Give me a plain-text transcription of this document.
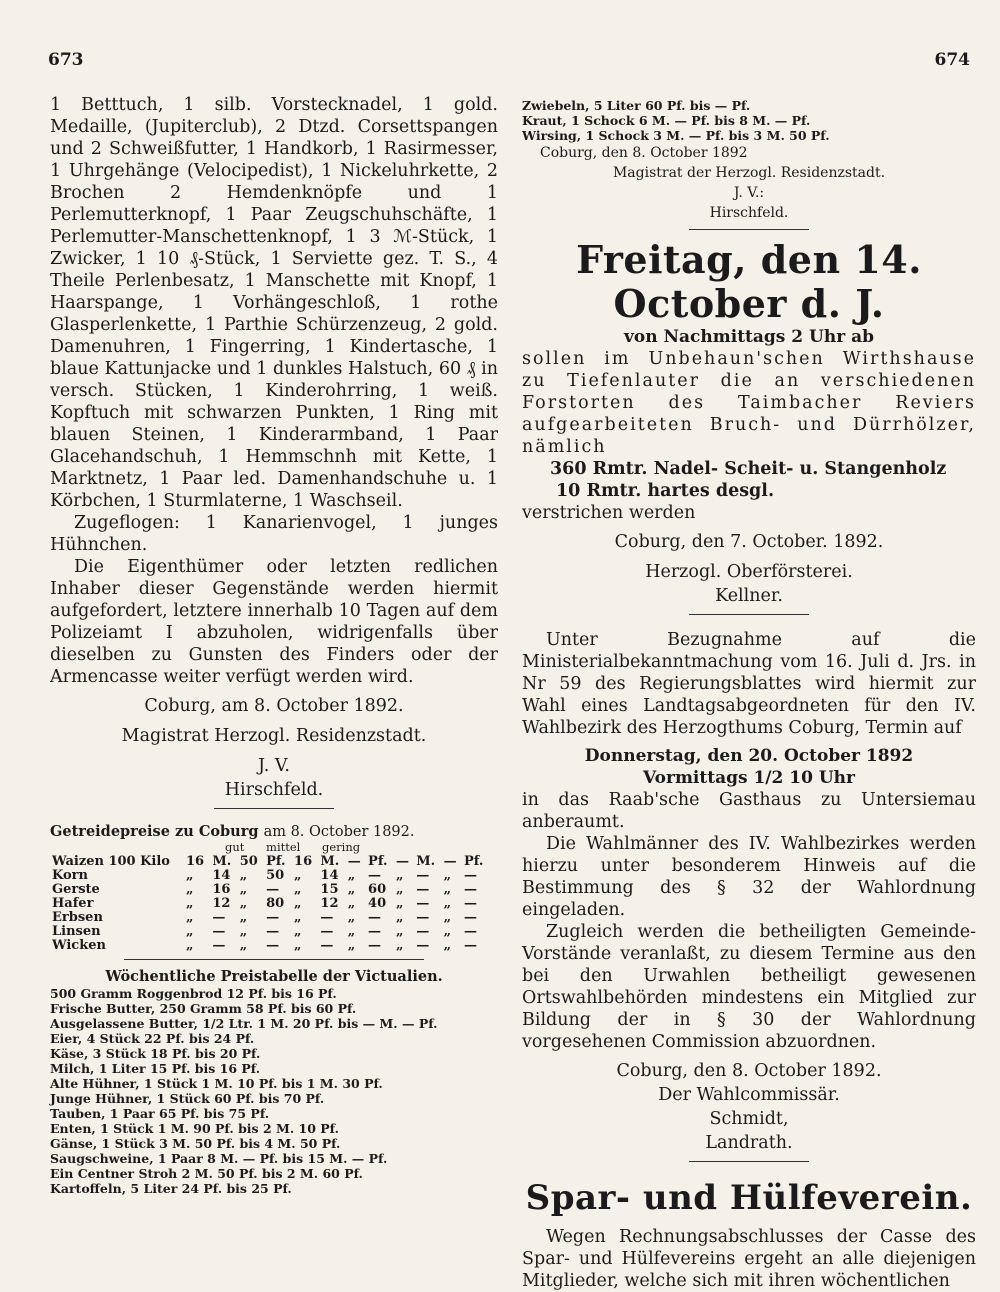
673	674

1 Betttuch, 1 silb. Vorstecknadel, 1 gold. Medaille, (Jupiterclub), 2 Dtzd. Corsettspangen und 2 Schweißfutter, 1 Handkorb, 1 Rasirmesser, 1 Uhrgehänge (Velocipedist), 1 Nickeluhrkette, 2 Brochen 2 Hemdenknöpfe und 1 Perlemutterknopf, 1 Paar Zeugschuhschäfte, 1 Perlemutter-Manschettenknopf, 1 3 ℳ-Stück, 1 Zwicker, 1 10 ₰-Stück, 1 Serviette gez. T. S., 4 Theile Perlenbesatz, 1 Manschette mit Knopf, 1 Haarspange, 1 Vorhängeschloß, 1 rothe Glasperlenkette, 1 Parthie Schürzenzeug, 2 gold. Damenuhren, 1 Fingerring, 1 Kindertasche, 1 blaue Kattunjacke und 1 dunkles Halstuch, 60 ₰ in versch. Stücken, 1 Kinderohrring, 1 weiß. Kopftuch mit schwarzen Punkten, 1 Ring mit blauen Steinen, 1 Kinderarmband, 1 Paar Glacehandschuh, 1 Hemmschnh mit Kette, 1 Marktnetz, 1 Paar led. Damenhandschuhe u. 1 Körbchen, 1 Sturmlaterne, 1 Waschseil.

Zugeflogen: 1 Kanarienvogel, 1 junges Hühnchen.

Die Eigenthümer oder letzten redlichen Inhaber dieser Gegenstände werden hiermit aufgefordert, letztere innerhalb 10 Tagen auf dem Polizeiamt I abzuholen, widrigenfalls über dieselben zu Gunsten des Finders oder der Armencasse weiter verfügt werden wird.

Coburg, am 8. October 1892.

Magistrat Herzogl. Residenzstadt.

J. V.

Hirschfeld.

Getreidepreise zu Coburg am 8. October 1892.

gut mittel gering

Waizen 100 Kilo	16	M.	50	Pf.	16	M.	—	Pf.	—	M.	—	Pf.
Korn	„	14	„	50	„	14	„	—	„	—	„	—
Gerste	„	16	„	—	„	15	„	60	„	—	„	—
Hafer	„	12	„	80	„	12	„	40	„	—	„	—
Erbsen	„	—	„	—	„	—	„	—	„	—	„	—
Linsen	„	—	„	—	„	—	„	—	„	—	„	—
Wicken	„	—	„	—	„	—	„	—	„	—	„	—

Wöchentliche Preistabelle der Victualien.

500 Gramm Roggenbrod 12 Pf. bis 16 Pf.

Frische Butter, 250 Gramm 58 Pf. bis 60 Pf.

Ausgelassene Butter, 1/2 Ltr. 1 M. 20 Pf. bis — M. — Pf.

Eier, 4 Stück 22 Pf. bis 24 Pf.

Käse, 3 Stück 18 Pf. bis 20 Pf.

Milch, 1 Liter 15 Pf. bis 16 Pf.

Alte Hühner, 1 Stück 1 M. 10 Pf. bis 1 M. 30 Pf.

Junge Hühner, 1 Stück 60 Pf. bis 70 Pf.

Tauben, 1 Paar 65 Pf. bis 75 Pf.

Enten, 1 Stück 1 M. 90 Pf. bis 2 M. 10 Pf.

Gänse, 1 Stück 3 M. 50 Pf. bis 4 M. 50 Pf.

Saugschweine, 1 Paar 8 M. — Pf. bis 15 M. — Pf.

Ein Centner Stroh 2 M. 50 Pf. bis 2 M. 60 Pf.

Kartoffeln, 5 Liter 24 Pf. bis 25 Pf.

Zwiebeln, 5 Liter 60 Pf. bis — Pf.

Kraut, 1 Schock 6 M. — Pf. bis 8 M. — Pf.

Wirsing, 1 Schock 3 M. — Pf. bis 3 M. 50 Pf.

Coburg, den 8. October 1892

Magistrat der Herzogl. Residenzstadt.

J. V.:

Hirschfeld.

Freitag, den 14. October d. J.

von Nachmittags 2 Uhr ab

sollen im Unbehaun'schen Wirthshause zu Tiefenlauter die an verschiedenen Forstorten des Taimbacher Reviers aufgearbeiteten Bruch- und Dürrhölzer, nämlich

360 Rmtr. Nadel- Scheit- u. Stangenholz

10 Rmtr. hartes desgl.

verstrichen werden

Coburg, den 7. October. 1892.

Herzogl. Oberförsterei.

Kellner.

Unter Bezugnahme auf die Ministerialbekanntmachung vom 16. Juli d. Jrs. in Nr 59 des Regierungsblattes wird hiermit zur Wahl eines Landtagsabgeordneten für den IV. Wahlbezirk des Herzogthums Coburg, Termin auf

Donnerstag, den 20. October 1892

Vormittags 1/2 10 Uhr

in das Raab'sche Gasthaus zu Untersiemau anberaumt.

Die Wahlmänner des IV. Wahlbezirkes werden hierzu unter besonderem Hinweis auf die Bestimmung des § 32 der Wahlordnung eingeladen.

Zugleich werden die betheiligten Gemeinde-Vorstände veranlaßt, zu diesem Termine aus den bei den Urwahlen betheiligt gewesenen Ortswahlbehörden mindestens ein Mitglied zur Bildung der in § 30 der Wahlordnung vorgesehenen Commission abzuordnen.

Coburg, den 8. October 1892.

Der Wahlcommissär.

Schmidt,

Landrath.

Spar- und Hülfeverein.

Wegen Rechnungsabschlusses der Casse des Spar- und Hülfevereins ergeht an alle diejenigen Mitglieder, welche sich mit ihren wöchentlichen
